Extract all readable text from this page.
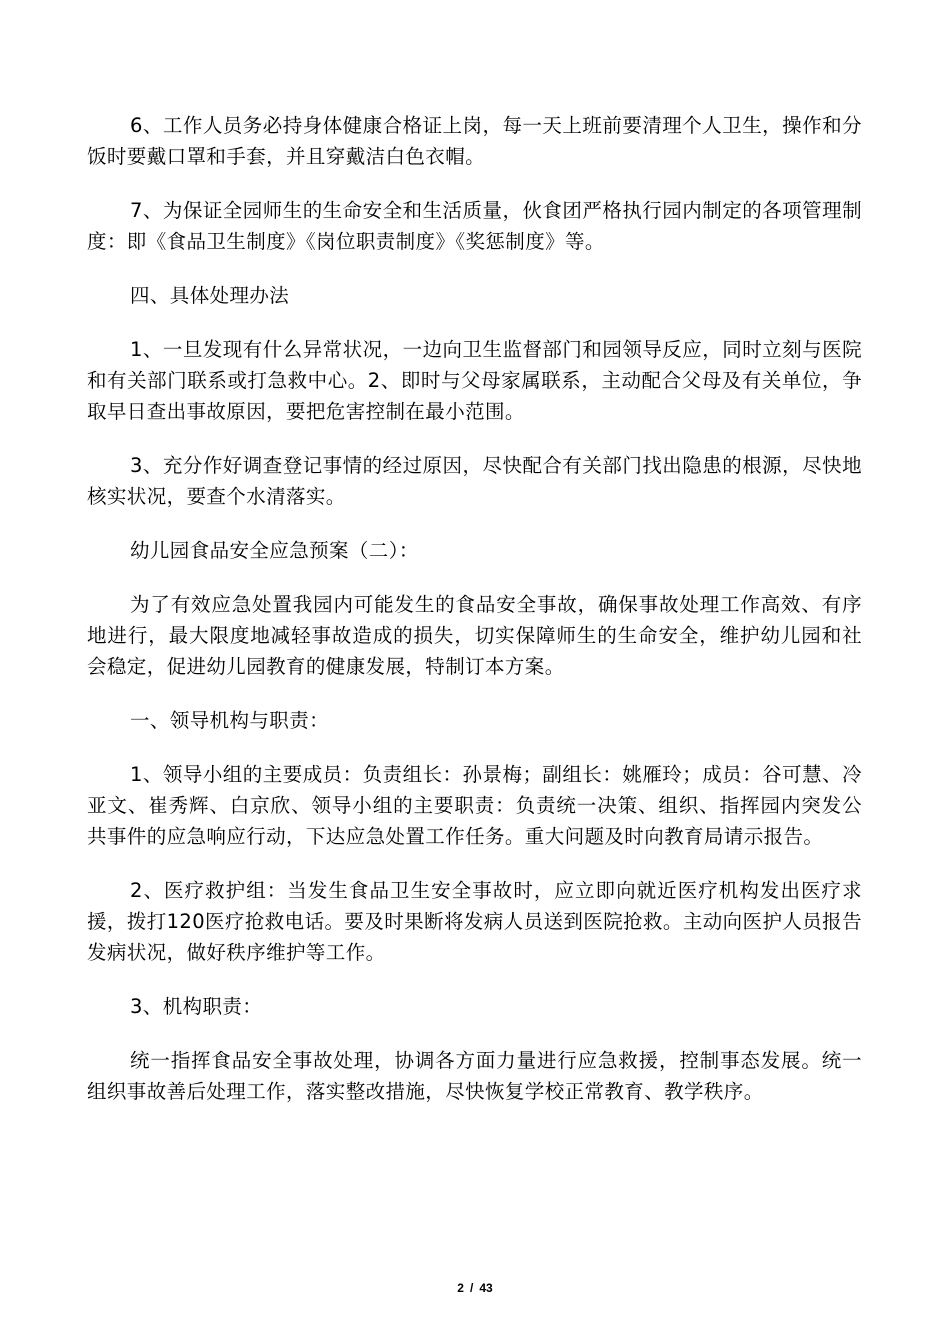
6、工作人员务必持身体健康合格证上岗，每一天上班前要清理个人卫生，操作和分饭时要戴口罩和手套，并且穿戴洁白色衣帽。

7、为保证全园师生的生命安全和生活质量，伙食团严格执行园内制定的各项管理制度：即《食品卫生制度》《岗位职责制度》《奖惩制度》等。

四、具体处理办法

1、一旦发现有什么异常状况，一边向卫生监督部门和园领导反应，同时立刻与医院和有关部门联系或打急救中心。2、即时与父母家属联系，主动配合父母及有关单位，争取早日查出事故原因，要把危害控制在最小范围。

3、充分作好调查登记事情的经过原因，尽快配合有关部门找出隐患的根源，尽快地核实状况，要查个水清落实。

幼儿园食品安全应急预案（二）：

为了有效应急处置我园内可能发生的食品安全事故，确保事故处理工作高效、有序地进行，最大限度地减轻事故造成的损失，切实保障师生的生命安全，维护幼儿园和社会稳定，促进幼儿园教育的健康发展，特制订本方案。

一、领导机构与职责：

1、领导小组的主要成员：负责组长：孙景梅；副组长：姚雁玲；成员：谷可慧、冷亚文、崔秀辉、白京欣、领导小组的主要职责：负责统一决策、组织、指挥园内突发公共事件的应急响应行动，下达应急处置工作任务。重大问题及时向教育局请示报告。

2、医疗救护组：当发生食品卫生安全事故时，应立即向就近医疗机构发出医疗求援，拨打120医疗抢救电话。要及时果断将发病人员送到医院抢救。主动向医护人员报告发病状况，做好秩序维护等工作。

3、机构职责：

统一指挥食品安全事故处理，协调各方面力量进行应急救援，控制事态发展。统一组织事故善后处理工作，落实整改措施，尽快恢复学校正常教育、教学秩序。

2 / 43
